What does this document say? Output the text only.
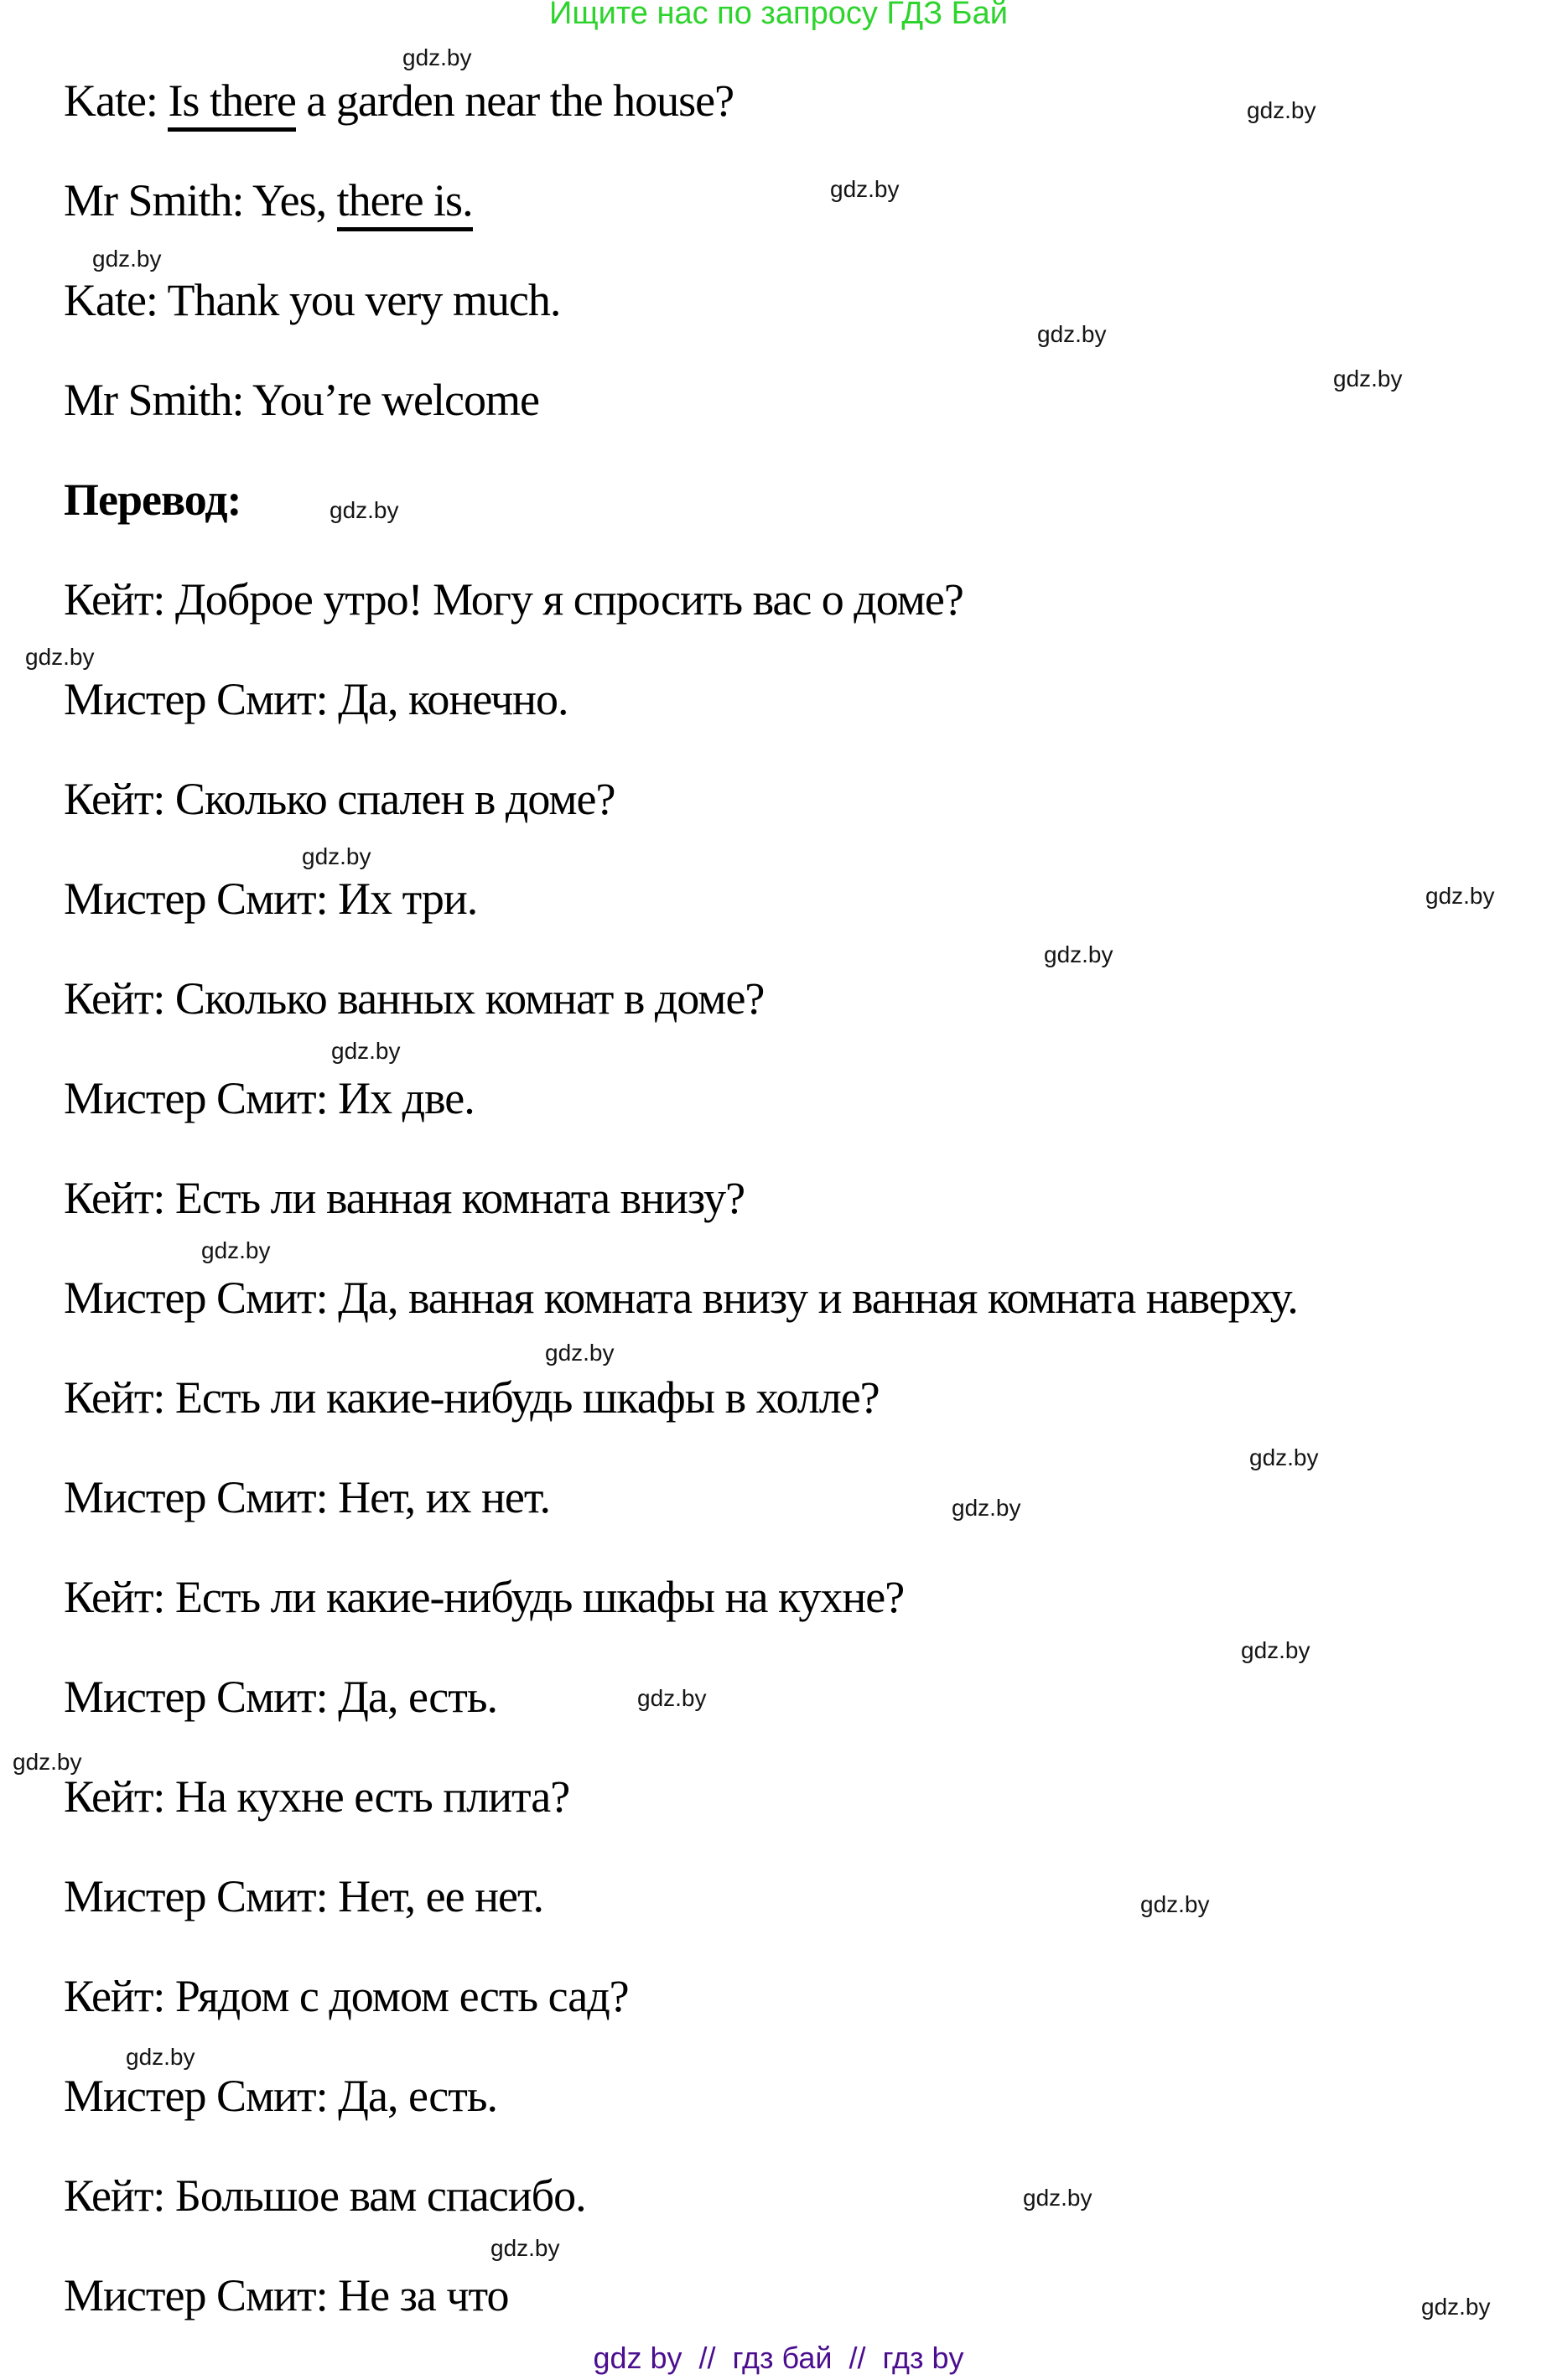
Ищите нас по запросу ГДЗ Бай
Kate: Is there a garden near the house?
Mr Smith: Yes, there is.
Kate: Thank you very much.
Mr Smith: You’re welcome
Перевод:
Кейт: Доброе утро! Могу я спросить вас о доме?
Мистер Смит: Да, конечно.
Кейт: Сколько спален в доме?
Мистер Смит: Их три.
Кейт: Сколько ванных комнат в доме?
Мистер Смит: Их две.
Кейт: Есть ли ванная комната внизу?
Мистер Смит: Да, ванная комната внизу и ванная комната наверху.
Кейт: Есть ли какие-нибудь шкафы в холле?
Мистер Смит: Нет, их нет.
Кейт: Есть ли какие-нибудь шкафы на кухне?
Мистер Смит: Да, есть.
Кейт: На кухне есть плита?
Мистер Смит: Нет, ее нет.
Кейт: Рядом с домом есть сад?
Мистер Смит: Да, есть.
Кейт: Большое вам спасибо.
Мистер Смит: Не за что
gdz.by
gdz.by
gdz.by
gdz.by
gdz.by
gdz.by
gdz.by
gdz.by
gdz.by
gdz.by
gdz.by
gdz.by
gdz.by
gdz.by
gdz.by
gdz.by
gdz.by
gdz.by
gdz.by
gdz.by
gdz.by
gdz.by
gdz.by
gdz.by
gdz by // гдз бай // гдз by
